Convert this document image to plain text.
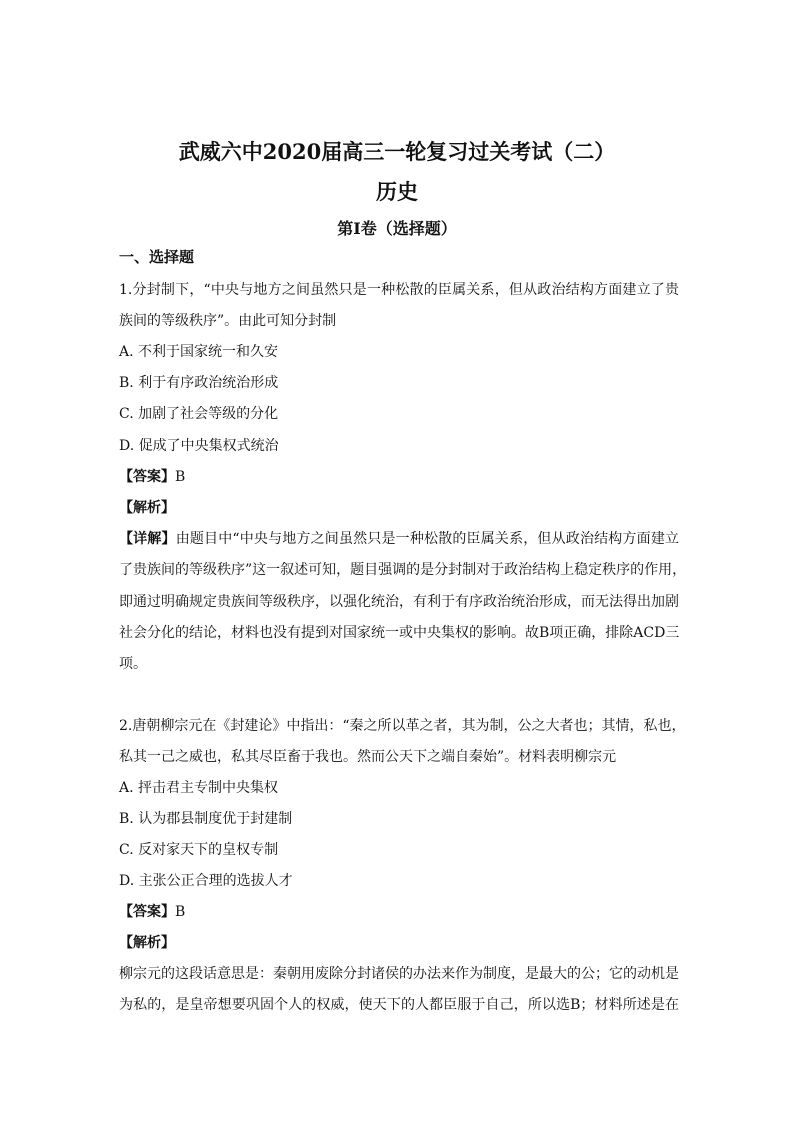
武威六中2020届高三一轮复习过关考试（二）
历史
第Ⅰ卷（选择题）
一、选择题
1.分封制下，“中央与地方之间虽然只是一种松散的臣属关系，但从政治结构方面建立了贵
族间的等级秩序”。由此可知分封制
A. 不利于国家统一和久安
B. 利于有序政治统治形成
C. 加剧了社会等级的分化
D. 促成了中央集权式统治
【答案】B
【解析】
【详解】由题目中“中央与地方之间虽然只是一种松散的臣属关系，但从政治结构方面建立
了贵族间的等级秩序”这一叙述可知，题目强调的是分封制对于政治结构上稳定秩序的作用，
即通过明确规定贵族间等级秩序，以强化统治，有利于有序政治统治形成，而无法得出加剧
社会分化的结论，材料也没有提到对国家统一或中央集权的影响。故B项正确，排除ACD三
项。
2.唐朝柳宗元在《封建论》中指出：“秦之所以革之者，其为制，公之大者也；其情，私也，
私其一己之威也，私其尽臣畜于我也。然而公天下之端自秦始”。材料表明柳宗元
A. 抨击君主专制中央集权
B. 认为郡县制度优于封建制
C. 反对家天下的皇权专制
D. 主张公正合理的选拔人才
【答案】B
【解析】
柳宗元的这段话意思是：秦朝用废除分封诸侯的办法来作为制度，是最大的公；它的动机是
为私的，是皇帝想要巩固个人的权威，使天下的人都臣服于自己，所以选B；材料所述是在
